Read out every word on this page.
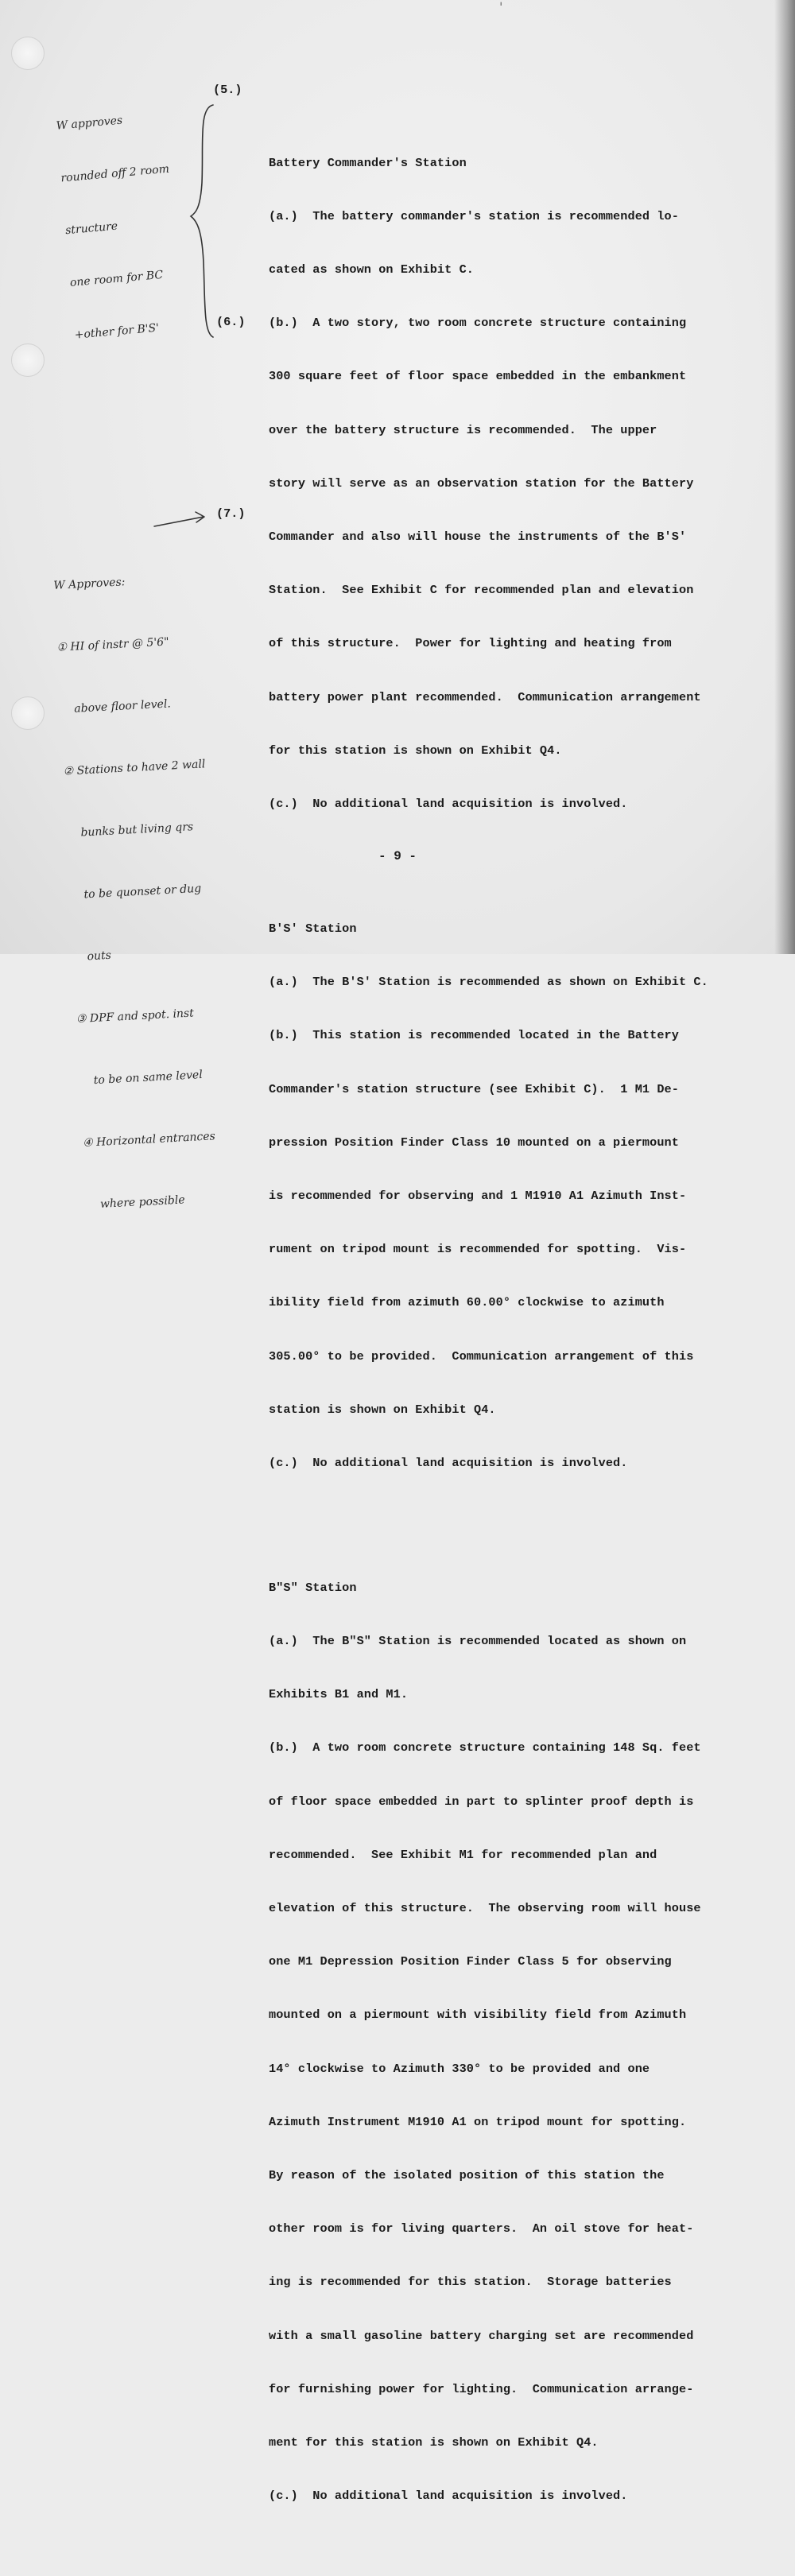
ˈ
(5.)
(6.)
(7.)

Battery Commander's Station

(a.)  The battery commander's station is recommended lo-

cated as shown on Exhibit C.

(b.)  A two story, two room concrete structure containing

300 square feet of floor space embedded in the embankment

over the battery structure is recommended.  The upper

story will serve as an observation station for the Battery

Commander and also will house the instruments of the B'S'

Station.  See Exhibit C for recommended plan and elevation

of this structure.  Power for lighting and heating from

battery power plant recommended.  Communication arrangement

for this station is shown on Exhibit Q4.

(c.)  No additional land acquisition is involved.

B'S' Station

(a.)  The B'S' Station is recommended as shown on Exhibit C.

(b.)  This station is recommended located in the Battery

Commander's station structure (see Exhibit C).  1 M1 De-

pression Position Finder Class 10 mounted on a piermount

is recommended for observing and 1 M1910 A1 Azimuth Inst-

rument on tripod mount is recommended for spotting.  Vis-

ibility field from azimuth 60.00° clockwise to azimuth

305.00° to be provided.  Communication arrangement of this

station is shown on Exhibit Q4.

(c.)  No additional land acquisition is involved.

B"S" Station

(a.)  The B"S" Station is recommended located as shown on

Exhibits B1 and M1.

(b.)  A two room concrete structure containing 148 Sq. feet

of floor space embedded in part to splinter proof depth is

recommended.  See Exhibit M1 for recommended plan and

elevation of this structure.  The observing room will house

one M1 Depression Position Finder Class 5 for observing

mounted on a piermount with visibility field from Azimuth

14° clockwise to Azimuth 330° to be provided and one

Azimuth Instrument M1910 A1 on tripod mount for spotting.

By reason of the isolated position of this station the

other room is for living quarters.  An oil stove for heat-

ing is recommended for this station.  Storage batteries

with a small gasoline battery charging set are recommended

for furnishing power for lighting.  Communication arrange-

ment for this station is shown on Exhibit Q4.

(c.)  No additional land acquisition is involved.

- 9 -

W approves

rounded off 2 room

structure

one room for BC

+other for B'S'

W Approves:

① HI of instr @ 5'6"

above floor level.

② Stations to have 2 wall

bunks but living qrs

to be quonset or dug

outs

③ DPF and spot. inst

to be on same level

④ Horizontal entrances

where possible
